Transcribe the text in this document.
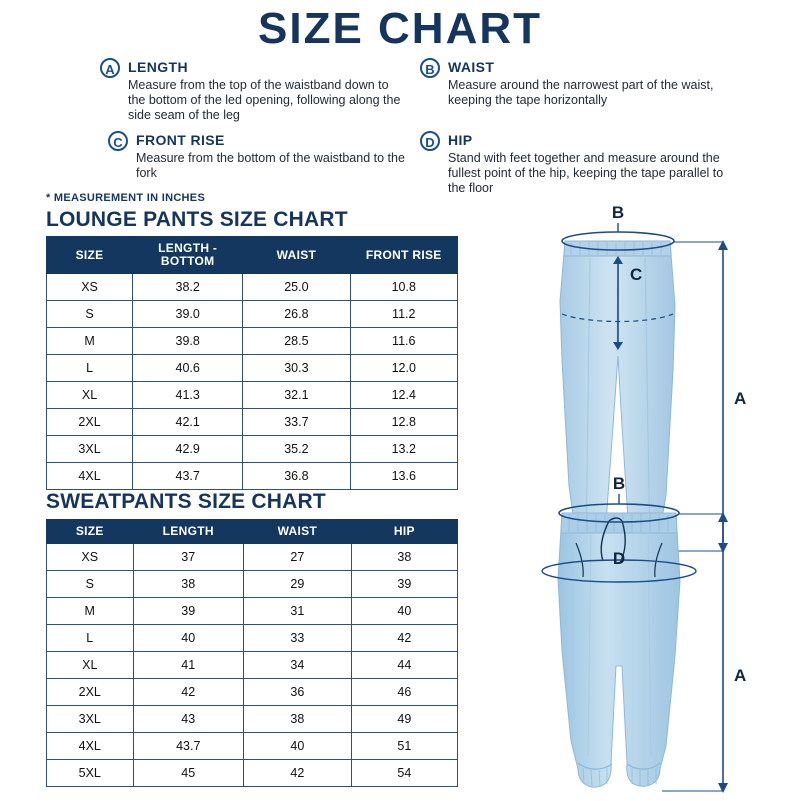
SIZE CHART
A LENGTH
Measure from the top of the waistband down to the bottom of the led opening, following along the side seam of the leg
B WAIST
Measure around the narrowest part of the waist, keeping the tape horizontally
C FRONT RISE
Measure from the bottom of the waistband to the fork
D HIP
Stand with feet together and measure around the fullest point of the hip, keeping the tape parallel to the floor
* MEASUREMENT IN INCHES
LOUNGE PANTS SIZE CHART
SIZE	LENGTH - BOTTOM	WAIST	FRONT RISE
XS	38.2	25.0	10.8
S	39.0	26.8	11.2
M	39.8	28.5	11.6
L	40.6	30.3	12.0
XL	41.3	32.1	12.4
2XL	42.1	33.7	12.8
3XL	42.9	35.2	13.2
4XL	43.7	36.8	13.6
SWEATPANTS SIZE CHART
SIZE	LENGTH	WAIST	HIP
XS	37	27	38
S	38	29	39
M	39	31	40
L	40	33	42
XL	41	34	44
2XL	42	36	46
3XL	43	38	49
4XL	43.7	40	51
5XL	45	42	54
B
C
A
B
D
A
